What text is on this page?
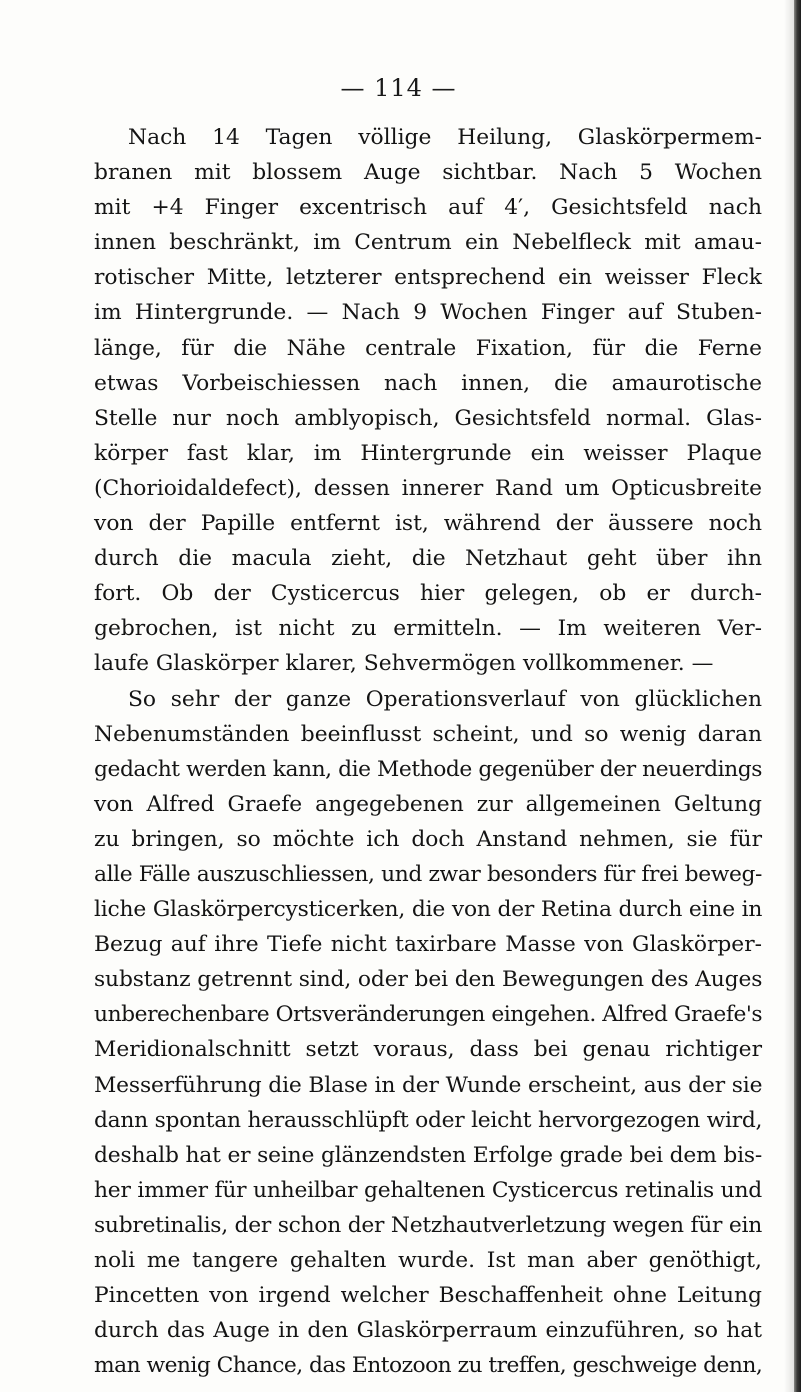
— 114 —
Nach 14 Tagen völlige Heilung, Glaskörpermem-
branen mit blossem Auge sichtbar. Nach 5 Wochen
mit +4 Finger excentrisch auf 4′, Gesichtsfeld nach
innen beschränkt, im Centrum ein Nebelfleck mit amau-
rotischer Mitte, letzterer entsprechend ein weisser Fleck
im Hintergrunde. — Nach 9 Wochen Finger auf Stuben-
länge, für die Nähe centrale Fixation, für die Ferne
etwas Vorbeischiessen nach innen, die amaurotische
Stelle nur noch amblyopisch, Gesichtsfeld normal. Glas-
körper fast klar, im Hintergrunde ein weisser Plaque
(Chorioidaldefect), dessen innerer Rand um Opticusbreite
von der Papille entfernt ist, während der äussere noch
durch die macula zieht, die Netzhaut geht über ihn
fort. Ob der Cysticercus hier gelegen, ob er durch-
gebrochen, ist nicht zu ermitteln. — Im weiteren Ver-
laufe Glaskörper klarer, Sehvermögen vollkommener. —
So sehr der ganze Operationsverlauf von glücklichen
Nebenumständen beeinflusst scheint, und so wenig daran
gedacht werden kann, die Methode gegenüber der neuerdings
von Alfred Graefe angegebenen zur allgemeinen Geltung
zu bringen, so möchte ich doch Anstand nehmen, sie für
alle Fälle auszuschliessen, und zwar besonders für frei beweg-
liche Glaskörpercysticerken, die von der Retina durch eine in
Bezug auf ihre Tiefe nicht taxirbare Masse von Glaskörper-
substanz getrennt sind, oder bei den Bewegungen des Auges
unberechenbare Ortsveränderungen eingehen. Alfred Graefe's
Meridionalschnitt setzt voraus, dass bei genau richtiger
Messerführung die Blase in der Wunde erscheint, aus der sie
dann spontan herausschlüpft oder leicht hervorgezogen wird,
deshalb hat er seine glänzendsten Erfolge grade bei dem bis-
her immer für unheilbar gehaltenen Cysticercus retinalis und
subretinalis, der schon der Netzhautverletzung wegen für ein
noli me tangere gehalten wurde. Ist man aber genöthigt,
Pincetten von irgend welcher Beschaffenheit ohne Leitung
durch das Auge in den Glaskörperraum einzuführen, so hat
man wenig Chance, das Entozoon zu treffen, geschweige denn,
